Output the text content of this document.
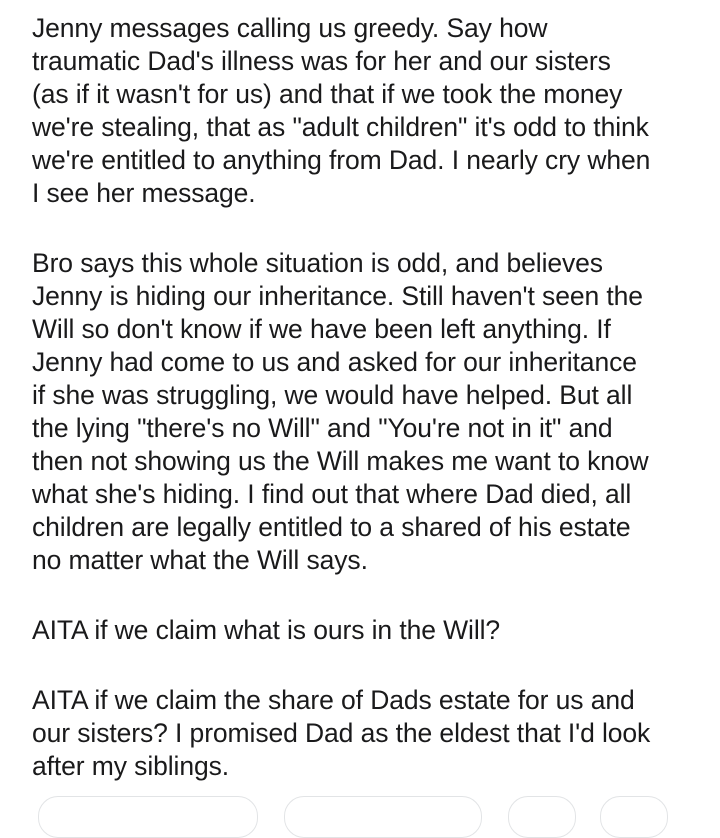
Jenny messages calling us greedy. Say how
traumatic Dad's illness was for her and our sisters
(as if it wasn't for us) and that if we took the money
we're stealing, that as "adult children" it's odd to think
we're entitled to anything from Dad. I nearly cry when
I see her message.

Bro says this whole situation is odd, and believes
Jenny is hiding our inheritance. Still haven't seen the
Will so don't know if we have been left anything. If
Jenny had come to us and asked for our inheritance
if she was struggling, we would have helped. But all
the lying "there's no Will" and "You're not in it" and
then not showing us the Will makes me want to know
what she's hiding. I find out that where Dad died, all
children are legally entitled to a shared of his estate
no matter what the Will says.

AITA if we claim what is ours in the Will?

AITA if we claim the share of Dads estate for us and
our sisters? I promised Dad as the eldest that I'd look
after my siblings.
